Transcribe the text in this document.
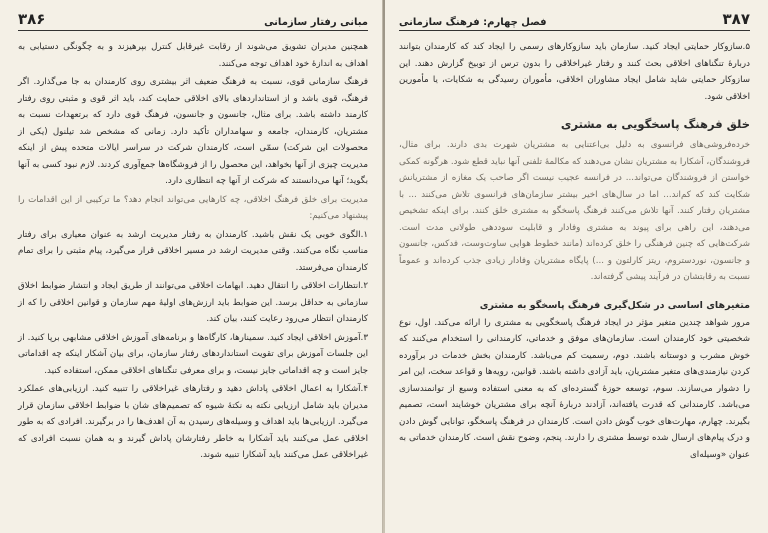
۳۸۶	مبانی رفتار سازمانی

همچنین مدیران تشویق می‌شوند از رقابت غیرقابل کنترل بپرهیزند و به چگونگی دستیابی به اهداف به اندازهٔ خود اهداف توجه می‌کنند.

فرهنگ سازمانی قوی، نسبت به فرهنگ ضعیف اثر بیشتری روی کارمندان به جا می‌گذارد. اگر فرهنگ، قوی باشد و از استانداردهای بالای اخلاقی حمایت کند، باید اثر قوی و مثبتی روی رفتار کارمند داشته باشد. برای مثال، جانسون و جانسون، فرهنگ قوی دارد که برتعهدات نسبت به مشتریان، کارمندان، جامعه و سهامداران تأکید دارد. زمانی که مشخص شد تیلنول (یکی از محصولات این شرکت) سمّی است، کارمندان شرکت در سراسر ایالات متحده پیش از اینکه مدیریت چیزی از آنها بخواهد، این محصول را از فروشگاه‌ها جمع‌آوری کردند. لازم نبود کسی به آنها بگوید؛ آنها می‌دانستند که شرکت از آنها چه انتظاری دارد.

مدیریت برای خلق فرهنگ اخلاقی، چه کارهایی می‌تواند انجام دهد؟ ما ترکیبی از این اقدامات را پیشنهاد می‌کنیم:

۱.الگوی خوبی یک نقش باشید. کارمندان به رفتار مدیریت ارشد به عنوان معیاری برای رفتار مناسب نگاه می‌کنند. وقتی مدیریت ارشد در مسیر اخلاقی قرار می‌گیرد، پیام مثبتی را برای تمام کارمندان می‌فرستد.

۲.انتظارات اخلاقی را انتقال دهید. ابهامات اخلاقی می‌توانند از طریق ایجاد و انتشار ضوابط اخلاق سازمانی به حداقل برسد. این ضوابط باید ارزش‌های اولیهٔ مهم سازمان و قوانین اخلاقی را که از کارمندان انتظار می‌رود رعایت کنند، بیان کند.

۳.آموزش اخلاقی ایجاد کنید. سمینارها، کارگاه‌ها و برنامه‌های آموزش اخلاقی مشابهی برپا کنید. از این جلسات آموزش برای تقویت استانداردهای رفتار سازمان، برای بیان آشکار اینکه چه اقداماتی جایز است و چه اقداماتی جایز نیست، و برای معرفی تنگناهای اخلاقی ممکن، استفاده کنید.

۴.آشکارا به اعمال اخلاقی پاداش دهید و رفتارهای غیراخلاقی را تنبیه کنید. ارزیابی‌های عملکرد مدیران باید شامل ارزیابی نکته به نکتهٔ شیوه که تصمیم‌های شان با ضوابط اخلاقی سازمان قرار می‌گیرد. ارزیابی‌ها باید اهداف و وسیله‌های رسیدن به آن اهدف‌ها را در برگیرند. افرادی که به طور اخلاقی عمل می‌کنند باید آشکارا به خاطر رفتارشان پاداش گیرند و به همان نسبت افرادی که غیراخلاقی عمل می‌کنند باید آشکارا تنبیه شوند.

فصل چهارم: فرهنگ سازمانی	۳۸۷

۵.سازوکار حمایتی ایجاد کنید. سازمان باید سازوکارهای رسمی را ایجاد کند که کارمندان بتوانند دربارهٔ تنگناهای اخلاقی بحث کنند و رفتار غیراخلاقی را بدون ترس از توبیخ گزارش دهند. این سازوکار حمایتی شاید شامل ایجاد مشاوران اخلاقی، مأموران رسیدگی به شکایات، یا مأمورین اخلاقی شود.

خلق فرهنگ پاسخگویی به مشتری

خرده‌فروشی‌های فرانسوی به دلیل بی‌اعتنایی به مشتریان شهرت بدی دارند. برای مثال، فروشندگان، آشکارا به مشتریان نشان می‌دهند که مکالمهٔ تلفنی آنها نباید قطع شود. هرگونه کمکی خواستن از فروشندگان می‌تواند... در فرانسه عجیب نیست اگر صاحب یک مغازه از مشتریانش شکایت کند که کم‌اند... اما در سال‌های اخیر بیشتر سازمان‌های فرانسوی تلاش می‌کنند ... با مشتریان رفتار کنند. آنها تلاش می‌کنند فرهنگ پاسخگو به مشتری خلق کنند. برای اینکه تشخیص می‌دهند، این راهی برای پیوند به مشتری وفادار و قابلیت سوددهی طولانی مدت است. شرکت‌هایی که چنین فرهنگی را خلق کرده‌اند (مانند خطوط هوایی ساوت‌وست، فدکس، جانسون و جانسون، نوردستروم، ریتز کارلتون و ...) پایگاه مشتریان وفادار زیادی جذب کرده‌اند و عموماً نسبت به رقابتشان در فرآیند پیشی گرفته‌اند.

متغیرهای اساسی در شکل‌گیری فرهنگ پاسخگو به مشتری

مرور شواهد چندین متغیر مؤثر در ایجاد فرهنگ پاسخگویی به مشتری را ارائه می‌کند. اول، نوع شخصیتی خود کارمندان است. سازمان‌های موفق و خدماتی، کارمندانی را استخدام می‌کنند که خوش مشرب و دوستانه باشند. دوم، رسمیت کم می‌باشد. کارمندان بخش خدمات در برآورده کردن نیازمندی‌های متغیر مشتریان، باید آزادی داشته باشند. قوانین، رویه‌ها و قواعد سخت، این امر را دشوار می‌سازند. سوم، توسعه حوزهٔ گسترده‌ای که به معنی استفاده وسیع از توانمندسازی می‌باشد. کارمندانی که قدرت یافته‌اند، آزادند دربارهٔ آنچه برای مشتریان خوشایند است، تصمیم بگیرند. چهارم، مهارت‌های خوب گوش دادن است. کارمندان در فرهنگ پاسخگو، توانایی گوش دادن و درک پیام‌های ارسال شده توسط مشتری را دارند. پنجم، وضوح نقش است. کارمندان خدماتی به عنوان «وسیله‌ای
